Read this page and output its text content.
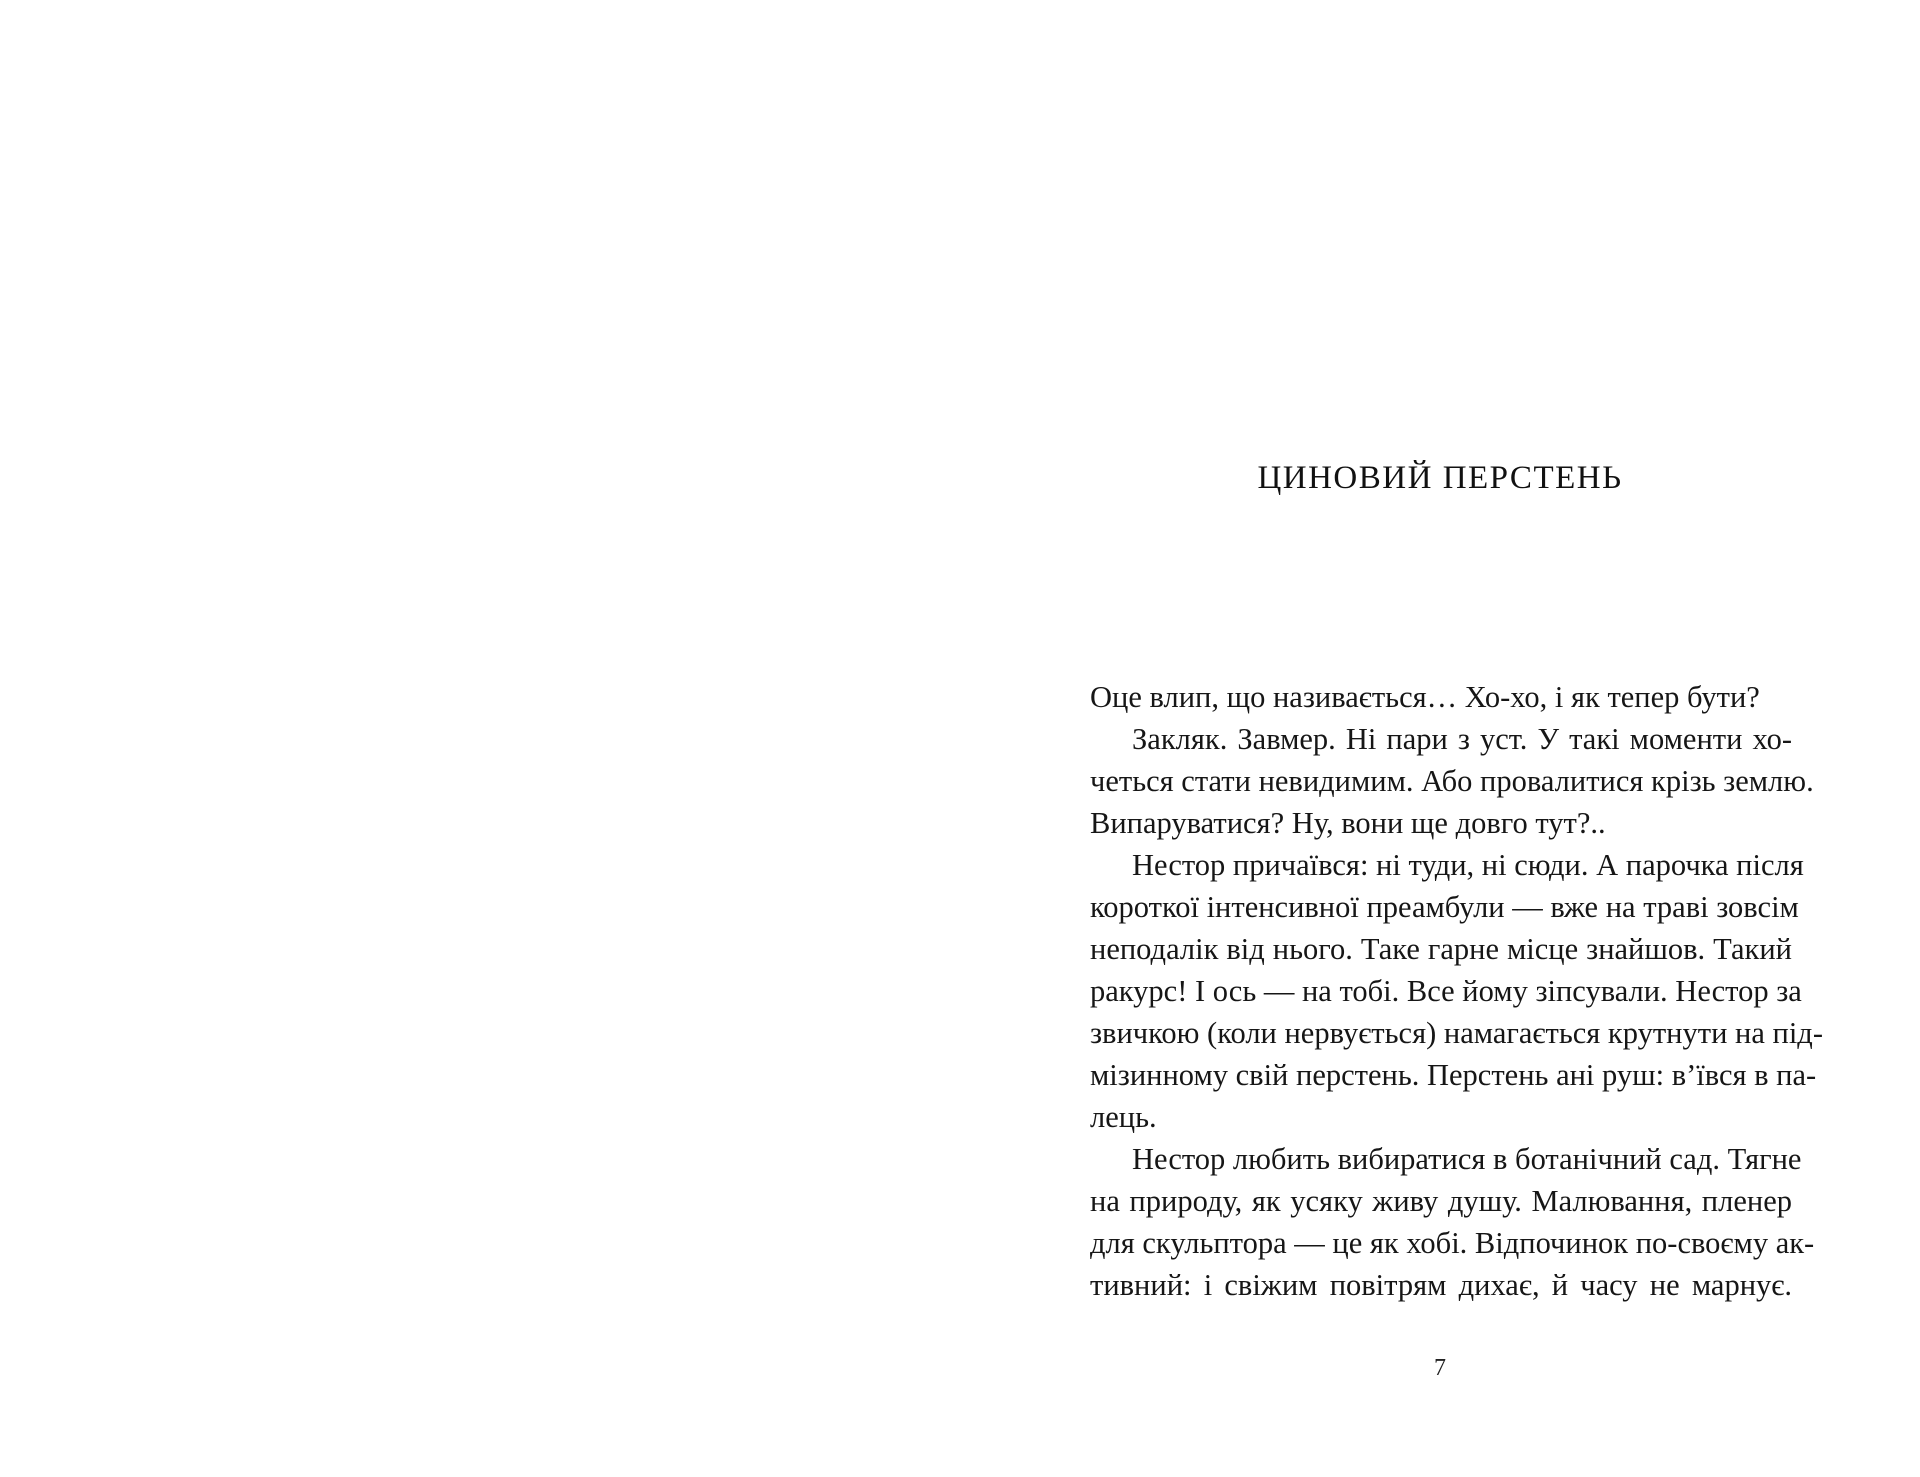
ЦИНОВИЙ ПЕРСТЕНЬ

Оце влип, що називається… Хо-хо, і як тепер бути?

Закляк. Завмер. Ні пари з уст. У такі моменти хо-
четься стати невидимим. Або провалитися крізь землю.
Випаруватися? Ну, вони ще довго тут?..

Нестор причаївся: ні туди, ні сюди. А парочка після
короткої інтенсивної преамбули — вже на траві зовсім
неподалік від нього. Таке гарне місце знайшов. Такий
ракурс! І ось — на тобі. Все йому зіпсували. Нестор за
звичкою (коли нервується) намагається крутнути на під-
мізинному свій перстень. Перстень ані руш: в’ївся в па-
лець.

Нестор любить вибиратися в ботанічний сад. Тягне
на природу, як усяку живу душу. Малювання, пленер
для скульптора — це як хобі. Відпочинок по-своєму ак-
тивний: і свіжим повітрям дихає, й часу не марнує.

7
